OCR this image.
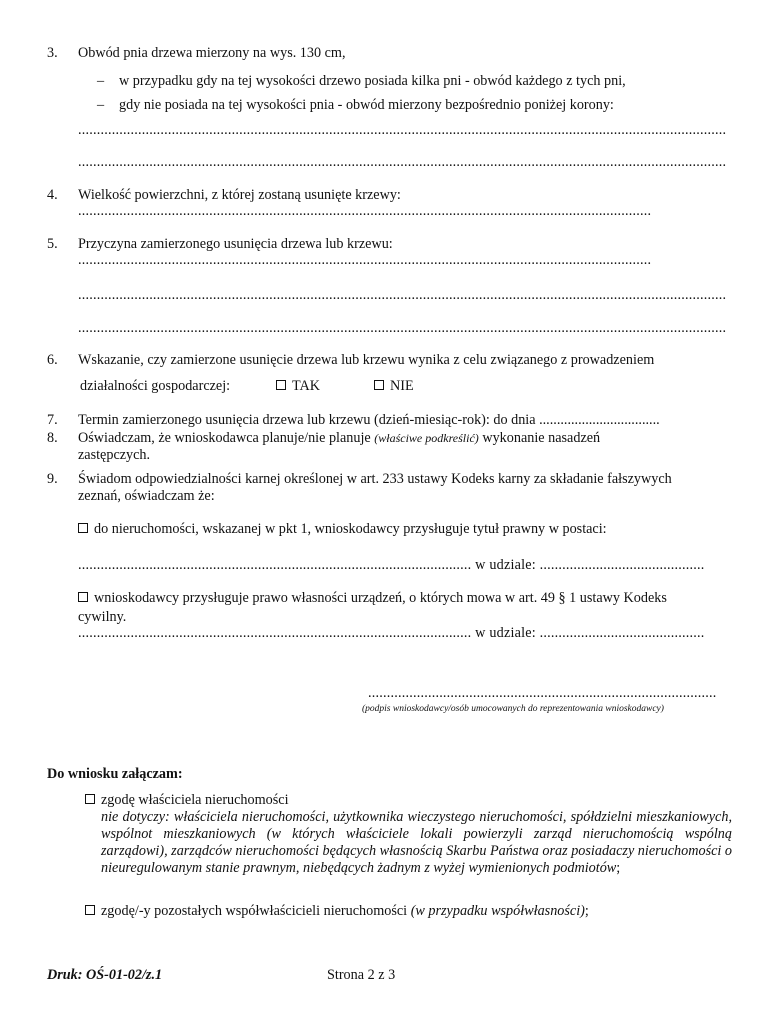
3. Obwód pnia drzewa mierzony na wys. 130 cm,
– w przypadku gdy na tej wysokości drzewo posiada kilka pni - obwód każdego z tych pni,
– gdy nie posiada na tej wysokości pnia - obwód mierzony bezpośrednio poniżej korony:
.............................................................................................................................................................................
.............................................................................................................................................................................
4. Wielkość powierzchni, z której zostaną usunięte krzewy:
.........................................................................................................................................................
5. Przyczyna zamierzonego usunięcia drzewa lub krzewu:
.........................................................................................................................................................
.............................................................................................................................................................................
.............................................................................................................................................................................
6. Wskazanie, czy zamierzone usunięcie drzewa lub krzewu wynika z celu związanego z prowadzeniem
działalności gospodarczej:	TAK	NIE
7. Termin zamierzonego usunięcia drzewa lub krzewu (dzień-miesiąc-rok): do dnia ..................................
8. Oświadczam, że wnioskodawca planuje/nie planuje (właściwe podkreślić) wykonanie nasadzeń
zastępczych.
9. Świadom odpowiedzialności karnej określonej w art. 233 ustawy Kodeks karny za składanie fałszywych
zeznań, oświadczam że:
do nieruchomości, wskazanej w pkt 1, wnioskodawcy przysługuje tytuł prawny w postaci:
......................................................................................................... w udziale: ............................................
wnioskodawcy przysługuje prawo własności urządzeń, o których mowa w art. 49 § 1 ustawy Kodeks
cywilny.
......................................................................................................... w udziale: ............................................
.............................................................................................
(podpis wnioskodawcy/osób umocowanych do reprezentowania wnioskodawcy)
Do wniosku załączam:
zgodę właściciela nieruchomości
nie dotyczy: właściciela nieruchomości, użytkownika wieczystego nieruchomości, spółdzielni mieszkaniowych, wspólnot mieszkaniowych (w których właściciele lokali powierzyli zarząd nieruchomością wspólną zarządowi), zarządców nieruchomości będących własnością Skarbu Państwa oraz posiadaczy nieruchomości o nieuregulowanym stanie prawnym, niebędących żadnym z wyżej wymienionych podmiotów;
zgodę/-y pozostałych współwłaścicieli nieruchomości (w przypadku współwłasności);
Druk: OŚ-01-02/z.1	Strona 2 z 3
